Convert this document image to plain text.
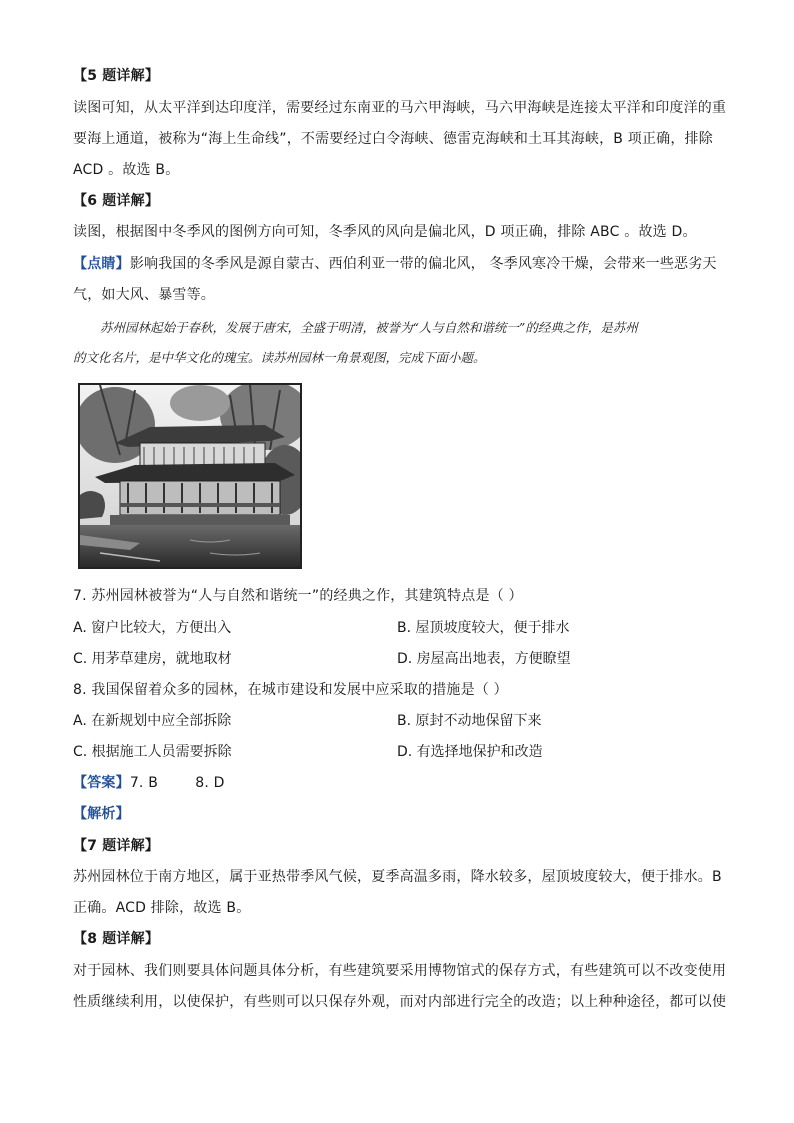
【5 题详解】
读图可知，从太平洋到达印度洋，需要经过东南亚的马六甲海峡，马六甲海峡是连接太平洋和印度洋的重
要海上通道，被称为“海上生命线”，不需要经过白令海峡、德雷克海峡和土耳其海峡，B 项正确，排除
ACD 。故选 B。
【6 题详解】
读图，根据图中冬季风的图例方向可知，冬季风的风向是偏北风，D 项正确，排除 ABC 。故选 D。
【点睛】影响我国的冬季风是源自蒙古、西伯利亚一带的偏北风， 冬季风寒冷干燥，会带来一些恶劣天
气，如大风、暴雪等。
苏州园林起始于春秋，发展于唐宋，全盛于明清，被誉为“人与自然和谐统一”的经典之作，是苏州
的文化名片，是中华文化的瑰宝。读苏州园林一角景观图，完成下面小题。
7. 苏州园林被誉为“人与自然和谐统一”的经典之作，其建筑特点是（ ）
A. 窗户比较大，方便出入	B. 屋顶坡度较大，便于排水
C. 用茅草建房，就地取材	D. 房屋高出地表，方便瞭望
8. 我国保留着众多的园林，在城市建设和发展中应采取的措施是（ ）
A. 在新规划中应全部拆除	B. 原封不动地保留下来
C. 根据施工人员需要拆除	D. 有选择地保护和改造
【答案】7. B        8. D
【解析】
【7 题详解】
苏州园林位于南方地区，属于亚热带季风气候，夏季高温多雨，降水较多，屋顶坡度较大，便于排水。B
正确。ACD 排除，故选 B。
【8 题详解】
对于园林、我们则要具体问题具体分析，有些建筑要采用博物馆式的保存方式，有些建筑可以不改变使用
性质继续利用，以使保护，有些则可以只保存外观，而对内部进行完全的改造；以上种种途径，都可以使
